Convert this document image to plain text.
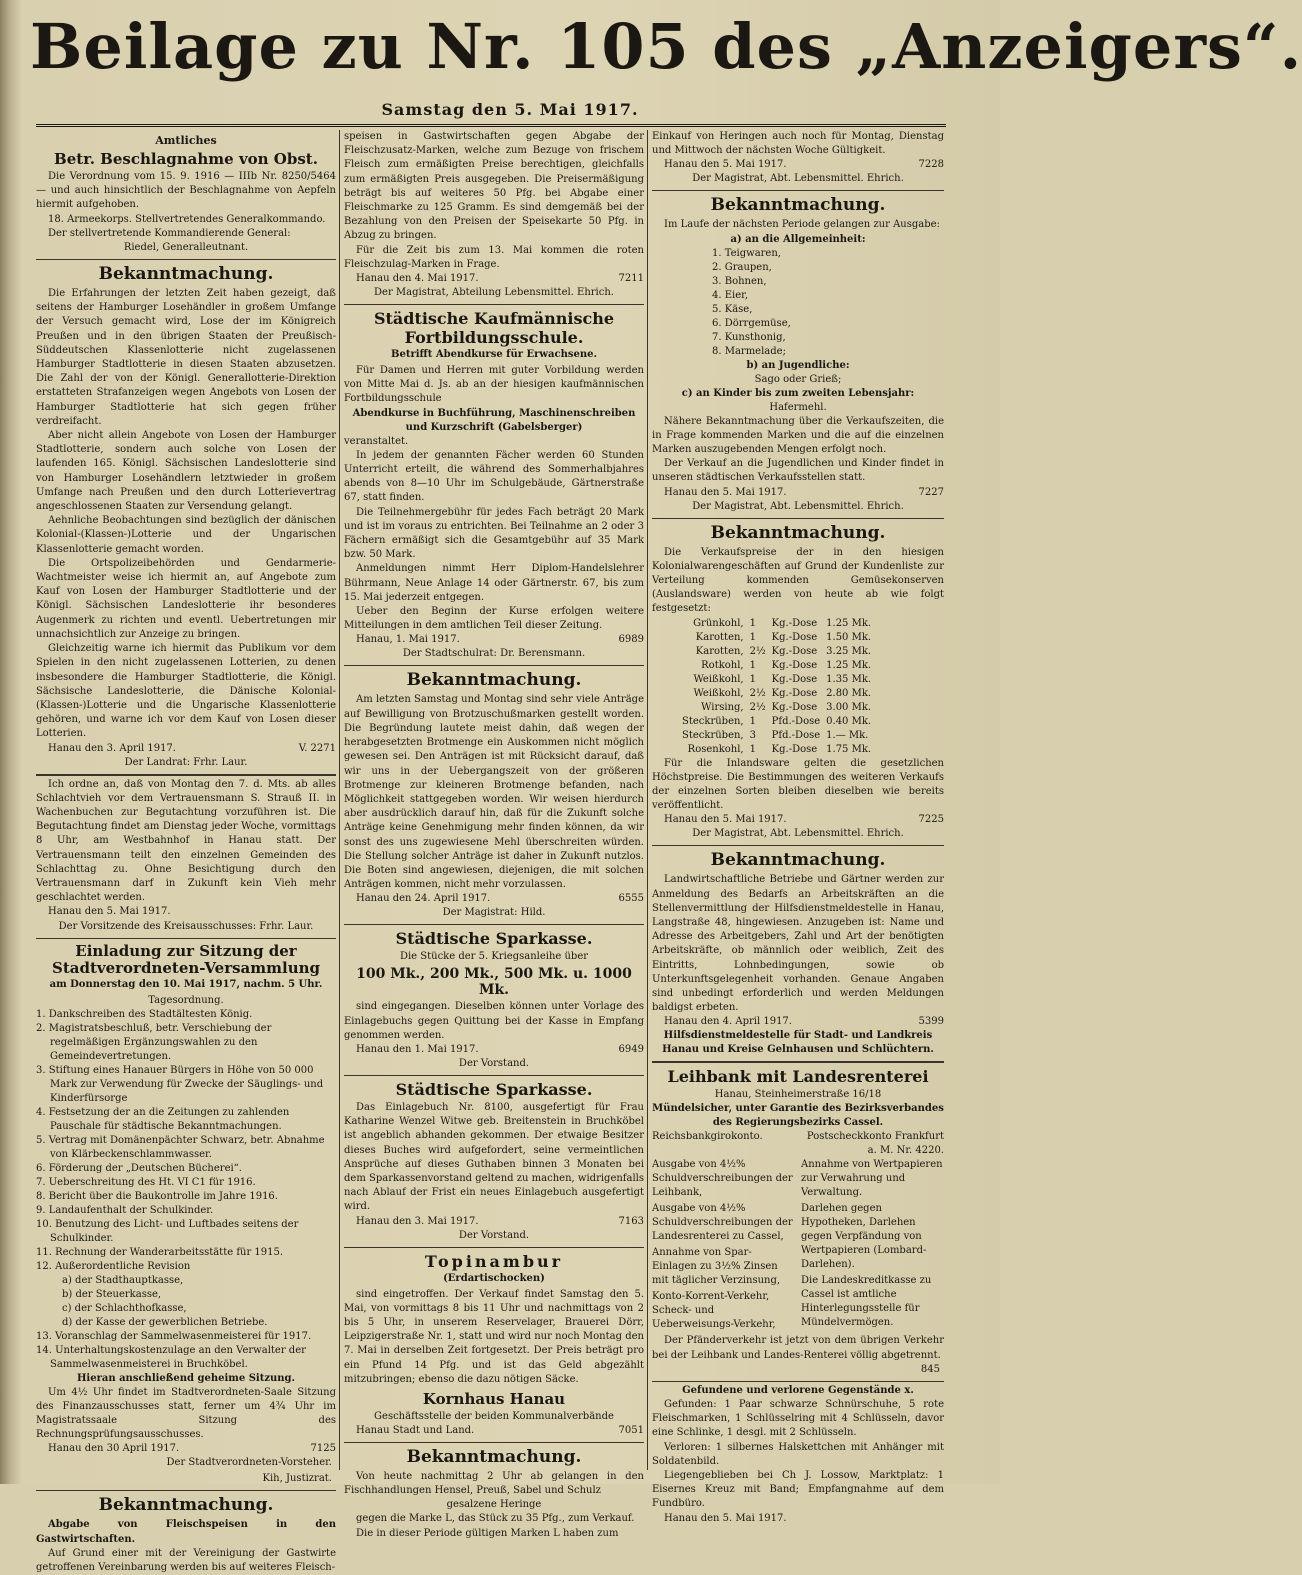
Beilage zu Nr. 105 des „Anzeigers“.
Samstag den 5. Mai 1917.
Amtliches
Betr. Beschlagnahme von Obst.

Die Verordnung vom 15. 9. 1916 — IIIb Nr. 8250/5464 — und auch hinsichtlich der Beschlagnahme von Aepfeln hiermit aufgehoben.

18. Armeekorps. Stellvertretendes Generalkommando.

Der stellvertretende Kommandierende General:

Riedel, Generalleutnant.

Bekanntmachung.

Die Erfahrungen der letzten Zeit haben gezeigt, daß seitens der Hamburger Losehändler in großem Umfange der Versuch gemacht wird, Lose der im Königreich Preußen und in den übrigen Staaten der Preußisch-Süddeutschen Klassenlotterie nicht zugelassenen Hamburger Stadtlotterie in diesen Staaten abzusetzen. Die Zahl der von der Königl. Generallotterie-Direktion erstatteten Strafanzeigen wegen Angebots von Losen der Hamburger Stadtlotterie hat sich gegen früher verdreifacht.

Aber nicht allein Angebote von Losen der Hamburger Stadtlotterie, sondern auch solche von Losen der laufenden 165. Königl. Sächsischen Landeslotterie sind von Hamburger Losehändlern letztwieder in großem Umfange nach Preußen und den durch Lotterievertrag angeschlossenen Staaten zur Versendung gelangt.

Aehnliche Beobachtungen sind bezüglich der dänischen Kolonial-(Klassen-)Lotterie und der Ungarischen Klassenlotterie gemacht worden.

Die Ortspolizeibehörden und Gendarmerie-Wachtmeister weise ich hiermit an, auf Angebote zum Kauf von Losen der Hamburger Stadtlotterie und der Königl. Sächsischen Landeslotterie ihr besonderes Augenmerk zu richten und eventl. Uebertretungen mir unnachsichtlich zur Anzeige zu bringen.

Gleichzeitig warne ich hiermit das Publikum vor dem Spielen in den nicht zugelassenen Lotterien, zu denen insbesondere die Hamburger Stadtlotterie, die Königl. Sächsische Landeslotterie, die Dänische Kolonial-(Klassen-)Lotterie und die Ungarische Klassenlotterie gehören, und warne ich vor dem Kauf von Losen dieser Lotterien.

Hanau den 3. April 1917.	V. 2271

Der Landrat: Frhr. Laur.

Ich ordne an, daß von Montag den 7. d. Mts. ab alles Schlachtvieh vor dem Vertrauensmann S. Strauß II. in Wachenbuchen zur Begutachtung vorzuführen ist. Die Begutachtung findet am Dienstag jeder Woche, vormittags 8 Uhr, am Westbahnhof in Hanau statt. Der Vertrauensmann teilt den einzelnen Gemeinden des Schlachttag zu. Ohne Besichtigung durch den Vertrauensmann darf in Zukunft kein Vieh mehr geschlachtet werden.

Hanau den 5. Mai 1917.

Der Vorsitzende des Kreisausschusses: Frhr. Laur.

Einladung zur Sitzung der Stadtverordneten-Versammlung
am Donnerstag den 10. Mai 1917, nachm. 5 Uhr.
Tagesordnung.
1. Dankschreiben des Stadtältesten König.
2. Magistratsbeschluß, betr. Verschiebung der regelmäßigen Ergänzungswahlen zu den Gemeindevertretungen.
3. Stiftung eines Hanauer Bürgers in Höhe von 50 000 Mark zur Verwendung für Zwecke der Säuglings- und Kinderfürsorge
4. Festsetzung der an die Zeitungen zu zahlenden Pauschale für städtische Bekanntmachungen.
5. Vertrag mit Domänenpächter Schwarz, betr. Abnahme von Klärbeckenschlammwasser.
6. Förderung der „Deutschen Bücherei“.
7. Ueberschreitung des Ht. VI C1 für 1916.
8. Bericht über die Baukontrolle im Jahre 1916.
9. Landaufenthalt der Schulkinder.
10. Benutzung des Licht- und Luftbades seitens der Schulkinder.
11. Rechnung der Wanderarbeitsstätte für 1915.
12. Außerordentliche Revision
a) der Stadthauptkasse,
b) der Steuerkasse,
c) der Schlachthofkasse,
d) der Kasse der gewerblichen Betriebe.
13. Voranschlag der Sammelwasenmeisterei für 1917.
14. Unterhaltungskostenzulage an den Verwalter der Sammelwasenmeisterei in Bruchköbel.
Hieran anschließend geheime Sitzung.

Um 4½ Uhr findet im Stadtverordneten-Saale Sitzung des Finanzausschusses statt, ferner um 4¾ Uhr im Magistratssaale Sitzung des Rechnungsprüfungsausschusses.

Hanau den 30 April 1917.	7125

Der Stadtverordneten-Vorsteher.

Kih, Justizrat.

Bekanntmachung.

Abgabe von Fleischspeisen in den Gastwirtschaften.

Auf Grund einer mit der Vereinigung der Gastwirte getroffenen Vereinbarung werden bis auf weiteres Fleisch-

speisen in Gastwirtschaften gegen Abgabe der Fleischzusatz-Marken, welche zum Bezuge von frischem Fleisch zum ermäßigten Preise berechtigen, gleichfalls zum ermäßigten Preis ausgegeben. Die Preisermäßigung beträgt bis auf weiteres 50 Pfg. bei Abgabe einer Fleischmarke zu 125 Gramm. Es sind demgemäß bei der Bezahlung von den Preisen der Speisekarte 50 Pfg. in Abzug zu bringen.

Für die Zeit bis zum 13. Mai kommen die roten Fleischzulag-Marken in Frage.

Hanau den 4. Mai 1917.	7211

Der Magistrat, Abteilung Lebensmittel. Ehrich.

Städtische Kaufmännische Fortbildungsschule.
Betrifft Abendkurse für Erwachsene.

Für Damen und Herren mit guter Vorbildung werden von Mitte Mai d. Js. ab an der hiesigen kaufmännischen Fortbildungsschule

Abendkurse in Buchführung, Maschinenschreiben und Kurzschrift (Gabelsberger)

veranstaltet.

In jedem der genannten Fächer werden 60 Stunden Unterricht erteilt, die während des Sommerhalbjahres abends von 8—10 Uhr im Schulgebäude, Gärtnerstraße 67, statt finden.

Die Teilnehmergebühr für jedes Fach beträgt 20 Mark und ist im voraus zu entrichten. Bei Teilnahme an 2 oder 3 Fächern ermäßigt sich die Gesamtgebühr auf 35 Mark bzw. 50 Mark.

Anmeldungen nimmt Herr Diplom-Handelslehrer Bührmann, Neue Anlage 14 oder Gärtnerstr. 67, bis zum 15. Mai jederzeit entgegen.

Ueber den Beginn der Kurse erfolgen weitere Mitteilungen in dem amtlichen Teil dieser Zeitung.

Hanau, 1. Mai 1917.	6989

Der Stadtschulrat: Dr. Berensmann.

Bekanntmachung.

Am letzten Samstag und Montag sind sehr viele Anträge auf Bewilligung von Brotzuschußmarken gestellt worden. Die Begründung lautete meist dahin, daß wegen der herabgesetzten Brotmenge ein Auskommen nicht möglich gewesen sei. Den Anträgen ist mit Rücksicht darauf, daß wir uns in der Uebergangszeit von der größeren Brotmenge zur kleineren Brotmenge befanden, nach Möglichkeit stattgegeben worden. Wir weisen hierdurch aber ausdrücklich darauf hin, daß für die Zukunft solche Anträge keine Genehmigung mehr finden können, da wir sonst des uns zugewiesene Mehl überschreiten würden. Die Stellung solcher Anträge ist daher in Zukunft nutzlos. Die Boten sind angewiesen, diejenigen, die mit solchen Anträgen kommen, nicht mehr vorzulassen.

Hanau den 24. April 1917.	6555

Der Magistrat: Hild.

Städtische Sparkasse.

Die Stücke der 5. Kriegsanleihe über

100 Mk., 200 Mk., 500 Mk. u. 1000 Mk.

sind eingegangen. Dieselben können unter Vorlage des Einlagebuchs gegen Quittung bei der Kasse in Empfang genommen werden.

Hanau den 1. Mai 1917.	6949

Der Vorstand.

Städtische Sparkasse.

Das Einlagebuch Nr. 8100, ausgefertigt für Frau Katharine Wenzel Witwe geb. Breitenstein in Bruchköbel ist angeblich abhanden gekommen. Der etwaige Besitzer dieses Buches wird aufgefordert, seine vermeintlichen Ansprüche auf dieses Guthaben binnen 3 Monaten bei dem Sparkassenvorstand geltend zu machen, widrigenfalls nach Ablauf der Frist ein neues Einlagebuch ausgefertigt wird.

Hanau den 3. Mai 1917.	7163

Der Vorstand.

Topinambur
(Erdartischocken)

sind eingetroffen. Der Verkauf findet Samstag den 5. Mai, von vormittags 8 bis 11 Uhr und nachmittags von 2 bis 5 Uhr, in unserem Reservelager, Brauerei Dörr, Leipzigerstraße Nr. 1, statt und wird nur noch Montag den 7. Mai in derselben Zeit fortgesetzt. Der Preis beträgt pro ein Pfund 14 Pfg. und ist das Geld abgezählt mitzubringen; ebenso die dazu nötigen Säcke.

Kornhaus Hanau

Geschäftsstelle der beiden Kommunalverbände

Hanau Stadt und Land.	7051
Bekanntmachung.

Von heute nachmittag 2 Uhr ab gelangen in den Fischhandlungen Hensel, Preuß, Sabel und Schulz

gesalzene Heringe

gegen die Marke L, das Stück zu 35 Pfg., zum Verkauf.

Die in dieser Periode gültigen Marken L haben zum

Einkauf von Heringen auch noch für Montag, Dienstag und Mittwoch der nächsten Woche Gültigkeit.

Hanau den 5. Mai 1917.	7228

Der Magistrat, Abt. Lebensmittel. Ehrich.

Bekanntmachung.

Im Laufe der nächsten Periode gelangen zur Ausgabe:

a) an die Allgemeinheit:

1. Teigwaren,
2. Graupen,
3. Bohnen,
4. Eier,
5. Käse,
6. Dörrgemüse,
7. Kunsthonig,
8. Marmelade;

b) an Jugendliche:

Sago oder Grieß;

c) an Kinder bis zum zweiten Lebensjahr:

Hafermehl.

Nähere Bekanntmachung über die Verkaufszeiten, die in Frage kommenden Marken und die auf die einzelnen Marken auszugebenden Mengen erfolgt noch.

Der Verkauf an die Jugendlichen und Kinder findet in unseren städtischen Verkaufsstellen statt.

Hanau den 5. Mai 1917.	7227

Der Magistrat, Abt. Lebensmittel. Ehrich.

Bekanntmachung.

Die Verkaufspreise der in den hiesigen Kolonialwarengeschäften auf Grund der Kundenliste zur Verteilung kommenden Gemüsekonserven (Auslandsware) werden von heute ab wie folgt festgesetzt:

Grünkohl,	1	Kg.-Dose	1.25 Mk.
Karotten,	1	Kg.-Dose	1.50 Mk.
Karotten,	2½	Kg.-Dose	3.25 Mk.
Rotkohl,	1	Kg.-Dose	1.25 Mk.
Weißkohl,	1	Kg.-Dose	1.35 Mk.
Weißkohl,	2½	Kg.-Dose	2.80 Mk.
Wirsing,	2½	Kg.-Dose	3.00 Mk.
Steckrüben,	1	Pfd.-Dose	0.40 Mk.
Steckrüben,	3	Pfd.-Dose	1.— Mk.
Rosenkohl,	1	Kg.-Dose	1.75 Mk.

Für die Inlandsware gelten die gesetzlichen Höchstpreise. Die Bestimmungen des weiteren Verkaufs der einzelnen Sorten bleiben dieselben wie bereits veröffentlicht.

Hanau den 5. Mai 1917.	7225

Der Magistrat, Abt. Lebensmittel. Ehrich.

Bekanntmachung.

Landwirtschaftliche Betriebe und Gärtner werden zur Anmeldung des Bedarfs an Arbeitskräften an die Stellenvermittlung der Hilfsdienstmeldestelle in Hanau, Langstraße 48, hingewiesen. Anzugeben ist: Name und Adresse des Arbeitgebers, Zahl und Art der benötigten Arbeitskräfte, ob männlich oder weiblich, Zeit des Eintritts, Lohnbedingungen, sowie ob Unterkunftsgelegenheit vorhanden. Genaue Angaben sind unbedingt erforderlich und werden Meldungen baldigst erbeten.

Hanau den 4. April 1917.	5399

Hilfsdienstmeldestelle für Stadt- und Landkreis Hanau und Kreise Gelnhausen und Schlüchtern.

Leihbank mit Landesrenterei

Hanau, Steinheimerstraße 16/18

Mündelsicher, unter Garantie des Bezirksverbandes des Regierungsbezirks Cassel.

Reichsbankgirokonto.	Postscheckkonto Frankfurt a. M. Nr. 4220.

Ausgabe von 4½% Schuldverschreibungen der Leihbank,

Ausgabe von 4½% Schuldverschreibungen der Landesrenterei zu Cassel,

Annahme von Spar-Einlagen zu 3½% Zinsen mit täglicher Verzinsung,

Konto-Korrent-Verkehr, Scheck- und Ueberweisungs-Verkehr,

Annahme von Wertpapieren zur Verwahrung und Verwaltung.

Darlehen gegen Hypotheken, Darlehen gegen Verpfändung von Wertpapieren (Lombard-Darlehen).

Die Landeskreditkasse zu Cassel ist amtliche Hinterlegungsstelle für Mündelvermögen.

Der Pfänderverkehr ist jetzt von dem übrigen Verkehr bei der Leihbank und Landes-Renterei völlig abgetrennt.

845

Gefundene und verlorene Gegenstände x.

Gefunden: 1 Paar schwarze Schnürschuhe, 5 rote Fleischmarken, 1 Schlüsselring mit 4 Schlüsseln, davor eine Schlinke, 1 desgl. mit 2 Schlüsseln.

Verloren: 1 silbernes Halskettchen mit Anhänger mit Soldatenbild.

Liegengeblieben bei Ch J. Lossow, Marktplatz: 1 Eisernes Kreuz mit Band; Empfangnahme auf dem Fundbüro.

Hanau den 5. Mai 1917.
